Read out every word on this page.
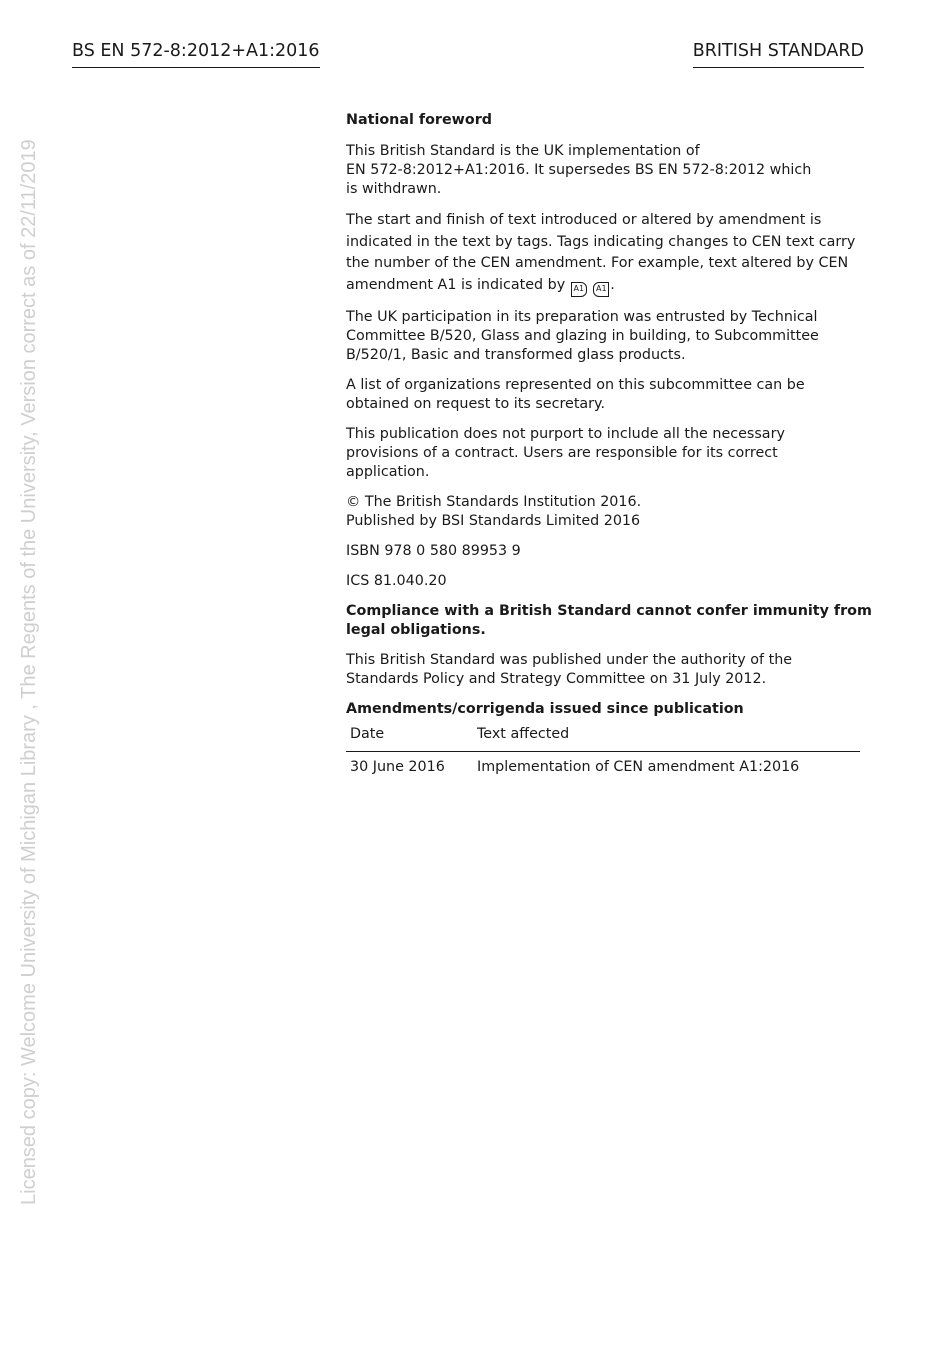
BS EN 572-8:2012+A1:2016	BRITISH STANDARD
Licensed copy: Welcome University of Michigan Library , The Regents of the University, Version correct as of 22/11/2019
National foreword

This British Standard is the UK implementation of
EN 572-8:2012+A1:2016. It supersedes BS EN 572-8:2012 which
is withdrawn.

The start and finish of text introduced or altered by amendment is
indicated in the text by tags. Tags indicating changes to CEN text carry
the number of the CEN amendment. For example, text altered by CEN
amendment A1 is indicated by A1 A1 .

The UK participation in its preparation was entrusted by Technical
Committee B/520, Glass and glazing in building, to Subcommittee
B/520/1, Basic and transformed glass products.

A list of organizations represented on this subcommittee can be
obtained on request to its secretary.

This publication does not purport to include all the necessary
provisions of a contract. Users are responsible for its correct
application.

© The British Standards Institution 2016.
Published by BSI Standards Limited 2016

ISBN 978 0 580 89953 9

ICS 81.040.20

Compliance with a British Standard cannot confer immunity from
legal obligations.

This British Standard was published under the authority of the
Standards Policy and Strategy Committee on 31 July 2012.

Amendments/corrigenda issued since publication
Date	Text affected
30 June 2016	Implementation of CEN amendment A1:2016
